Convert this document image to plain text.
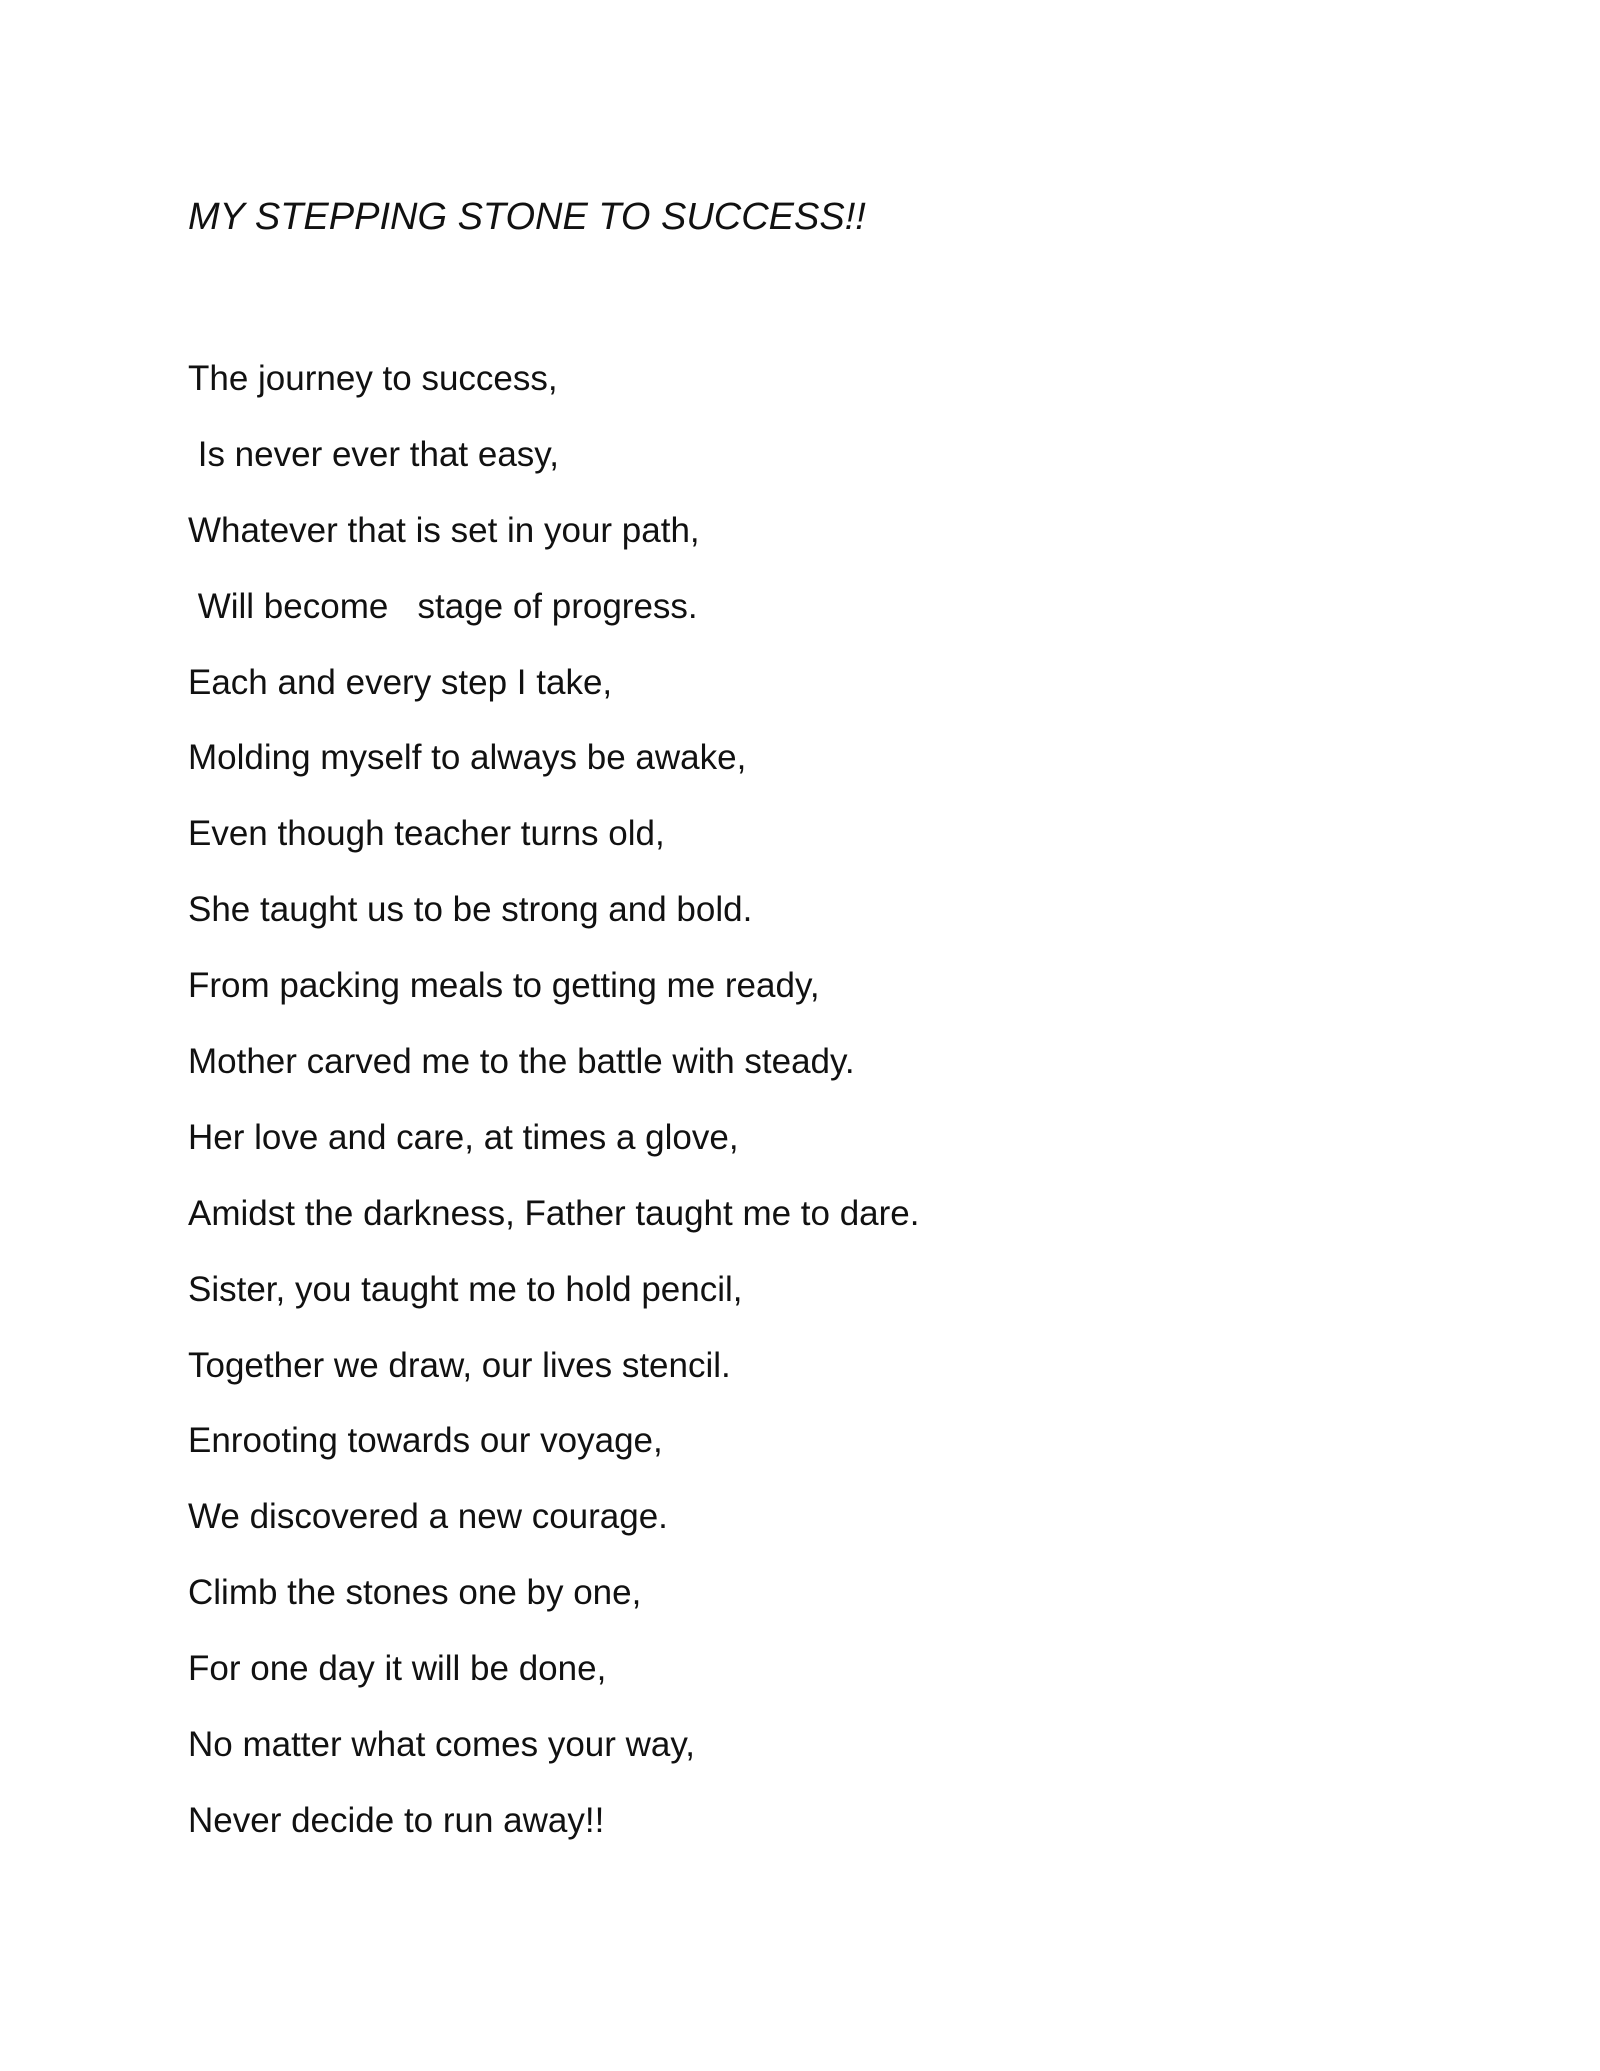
MY STEPPING STONE TO SUCCESS!!
The journey to success,
Is never ever that easy,
Whatever that is set in your path,
Will become   stage of progress.
Each and every step I take,
Molding myself to always be awake,
Even though teacher turns old,
She taught us to be strong and bold.
From packing meals to getting me ready,
Mother carved me to the battle with steady.
Her love and care, at times a glove,
Amidst the darkness, Father taught me to dare.
Sister, you taught me to hold pencil,
Together we draw, our lives stencil.
Enrooting towards our voyage,
We discovered a new courage.
Climb the stones one by one,
For one day it will be done,
No matter what comes your way,
Never decide to run away!!
